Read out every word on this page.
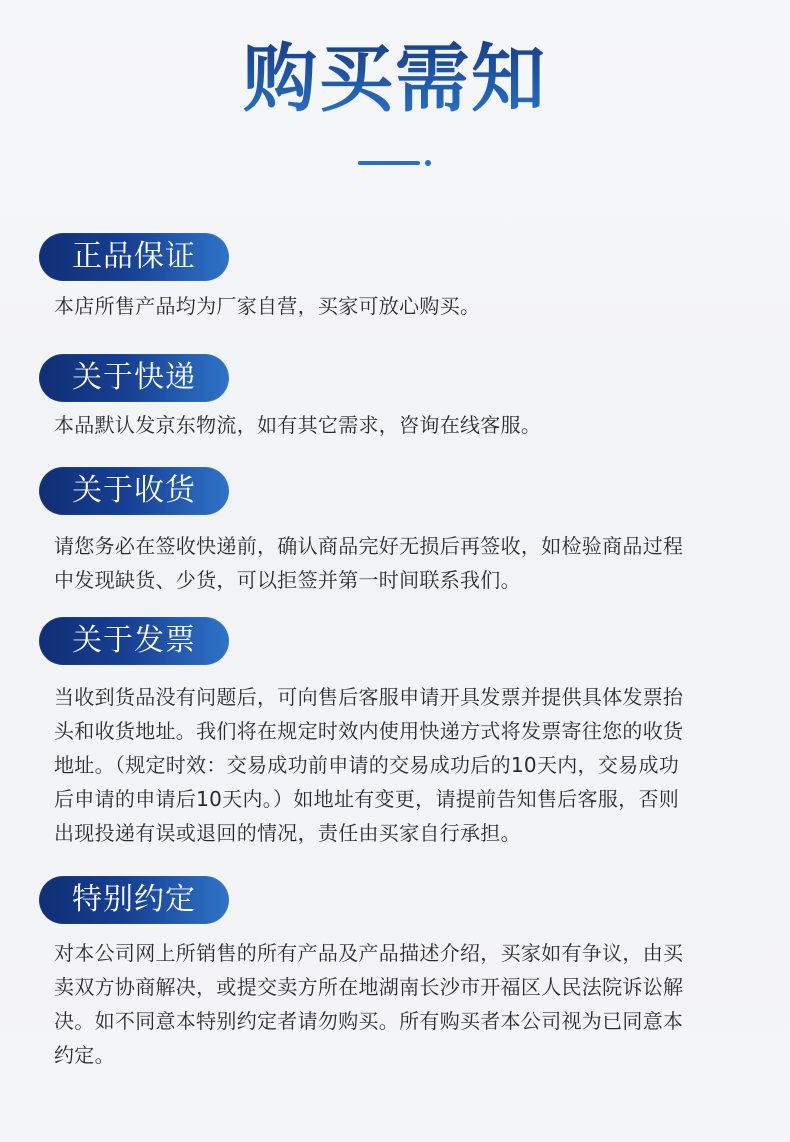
购买需知
正品保证
本店所售产品均为厂家自营，买家可放心购买。
关于快递
本品默认发京东物流，如有其它需求，咨询在线客服。
关于收货
请您务必在签收快递前，确认商品完好无损后再签收，如检验商品过程
中发现缺货、少货，可以拒签并第一时间联系我们。
关于发票
当收到货品没有问题后，可向售后客服申请开具发票并提供具体发票抬
头和收货地址。我们将在规定时效内使用快递方式将发票寄往您的收货
地址。（规定时效：交易成功前申请的交易成功后的10天内，交易成功
后申请的申请后10天内。）如地址有变更，请提前告知售后客服，否则
出现投递有误或退回的情况，责任由买家自行承担。
特别约定
对本公司网上所销售的所有产品及产品描述介绍，买家如有争议，由买
卖双方协商解决，或提交卖方所在地湖南长沙市开福区人民法院诉讼解
决。如不同意本特别约定者请勿购买。所有购买者本公司视为已同意本
约定。
